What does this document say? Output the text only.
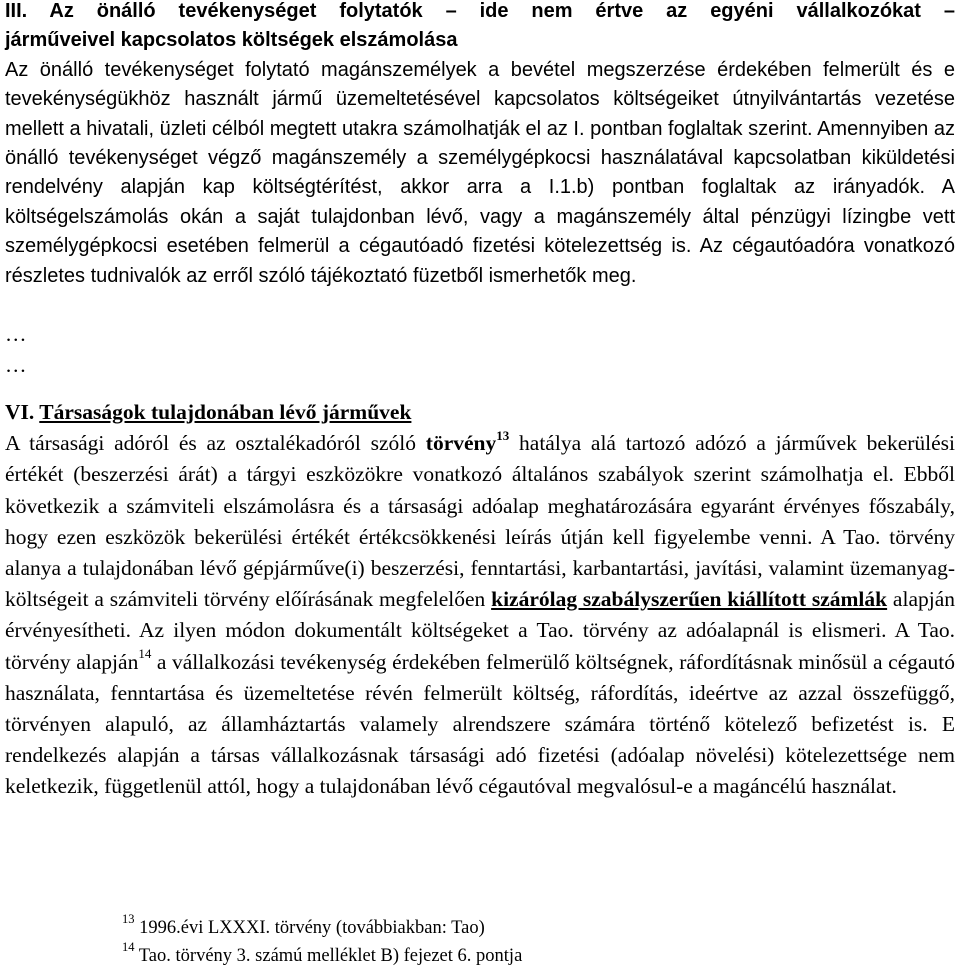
III. Az önálló tevékenységet folytatók – ide nem értve az egyéni vállalkozókat –
járműveivel kapcsolatos költségek elszámolása
Az önálló tevékenységet folytató magánszemélyek a bevétel megszerzése érdekében felmerült és e tevekénységükhöz használt jármű üzemeltetésével kapcsolatos költségeiket útnyilvántartás vezetése mellett a hivatali, üzleti célból megtett utakra számolhatják el az I. pontban foglaltak szerint. Amennyiben az önálló tevékenységet végző magánszemély a személygépkocsi használatával kapcsolatban kiküldetési rendelvény alapján kap költségtérítést, akkor arra a I.1.b) pontban foglaltak az irányadók. A költségelszámolás okán a saját tulajdonban lévő, vagy a magánszemély által pénzügyi lízingbe vett személygépkocsi esetében felmerül a cégautóadó fizetési kötelezettség is. Az cégautóadóra vonatkozó részletes tudnivalók az erről szóló tájékoztató füzetből ismerhetők meg.
…
…
VI. Társaságok tulajdonában lévő járművek
A társasági adóról és az osztalékadóról szóló törvény$^{13}$ hatálya alá tartozó adózó a járművek bekerülési értékét (beszerzési árát) a tárgyi eszközökre vonatkozó általános szabályok szerint számolhatja el. Ebből következik a számviteli elszámolásra és a társasági adóalap meghatározására egyaránt érvényes főszabály, hogy ezen eszközök bekerülési értékét értékcsökkenési leírás útján kell figyelembe venni. A Tao. törvény alanya a tulajdonában lévő gépjárműve(i) beszerzési, fenntartási, karbantartási, javítási, valamint üzemanyag-költségeit a számviteli törvény előírásának megfelelően kizárólag szabályszerűen kiállított számlák alapján érvényesítheti. Az ilyen módon dokumentált költségeket a Tao. törvény az adóalapnál is elismeri. A Tao. törvény alapján$^{14}$ a vállalkozási tevékenység érdekében felmerülő költségnek, ráfordításnak minősül a cégautó használata, fenntartása és üzemeltetése révén felmerült költség, ráfordítás, ideértve az azzal összefüggő, törvényen alapuló, az államháztartás valamely alrendszere számára történő kötelező befizetést is. E rendelkezés alapján a társas vállalkozásnak társasági adó fizetési (adóalap növelési) kötelezettsége nem keletkezik, függetlenül attól, hogy a tulajdonában lévő cégautóval megvalósul-e a magáncélú használat.
$^{13}$ 1996.évi LXXXI. törvény (továbbiakban: Tao)
$^{14}$ Tao. törvény 3. számú melléklet B) fejezet 6. pontja
